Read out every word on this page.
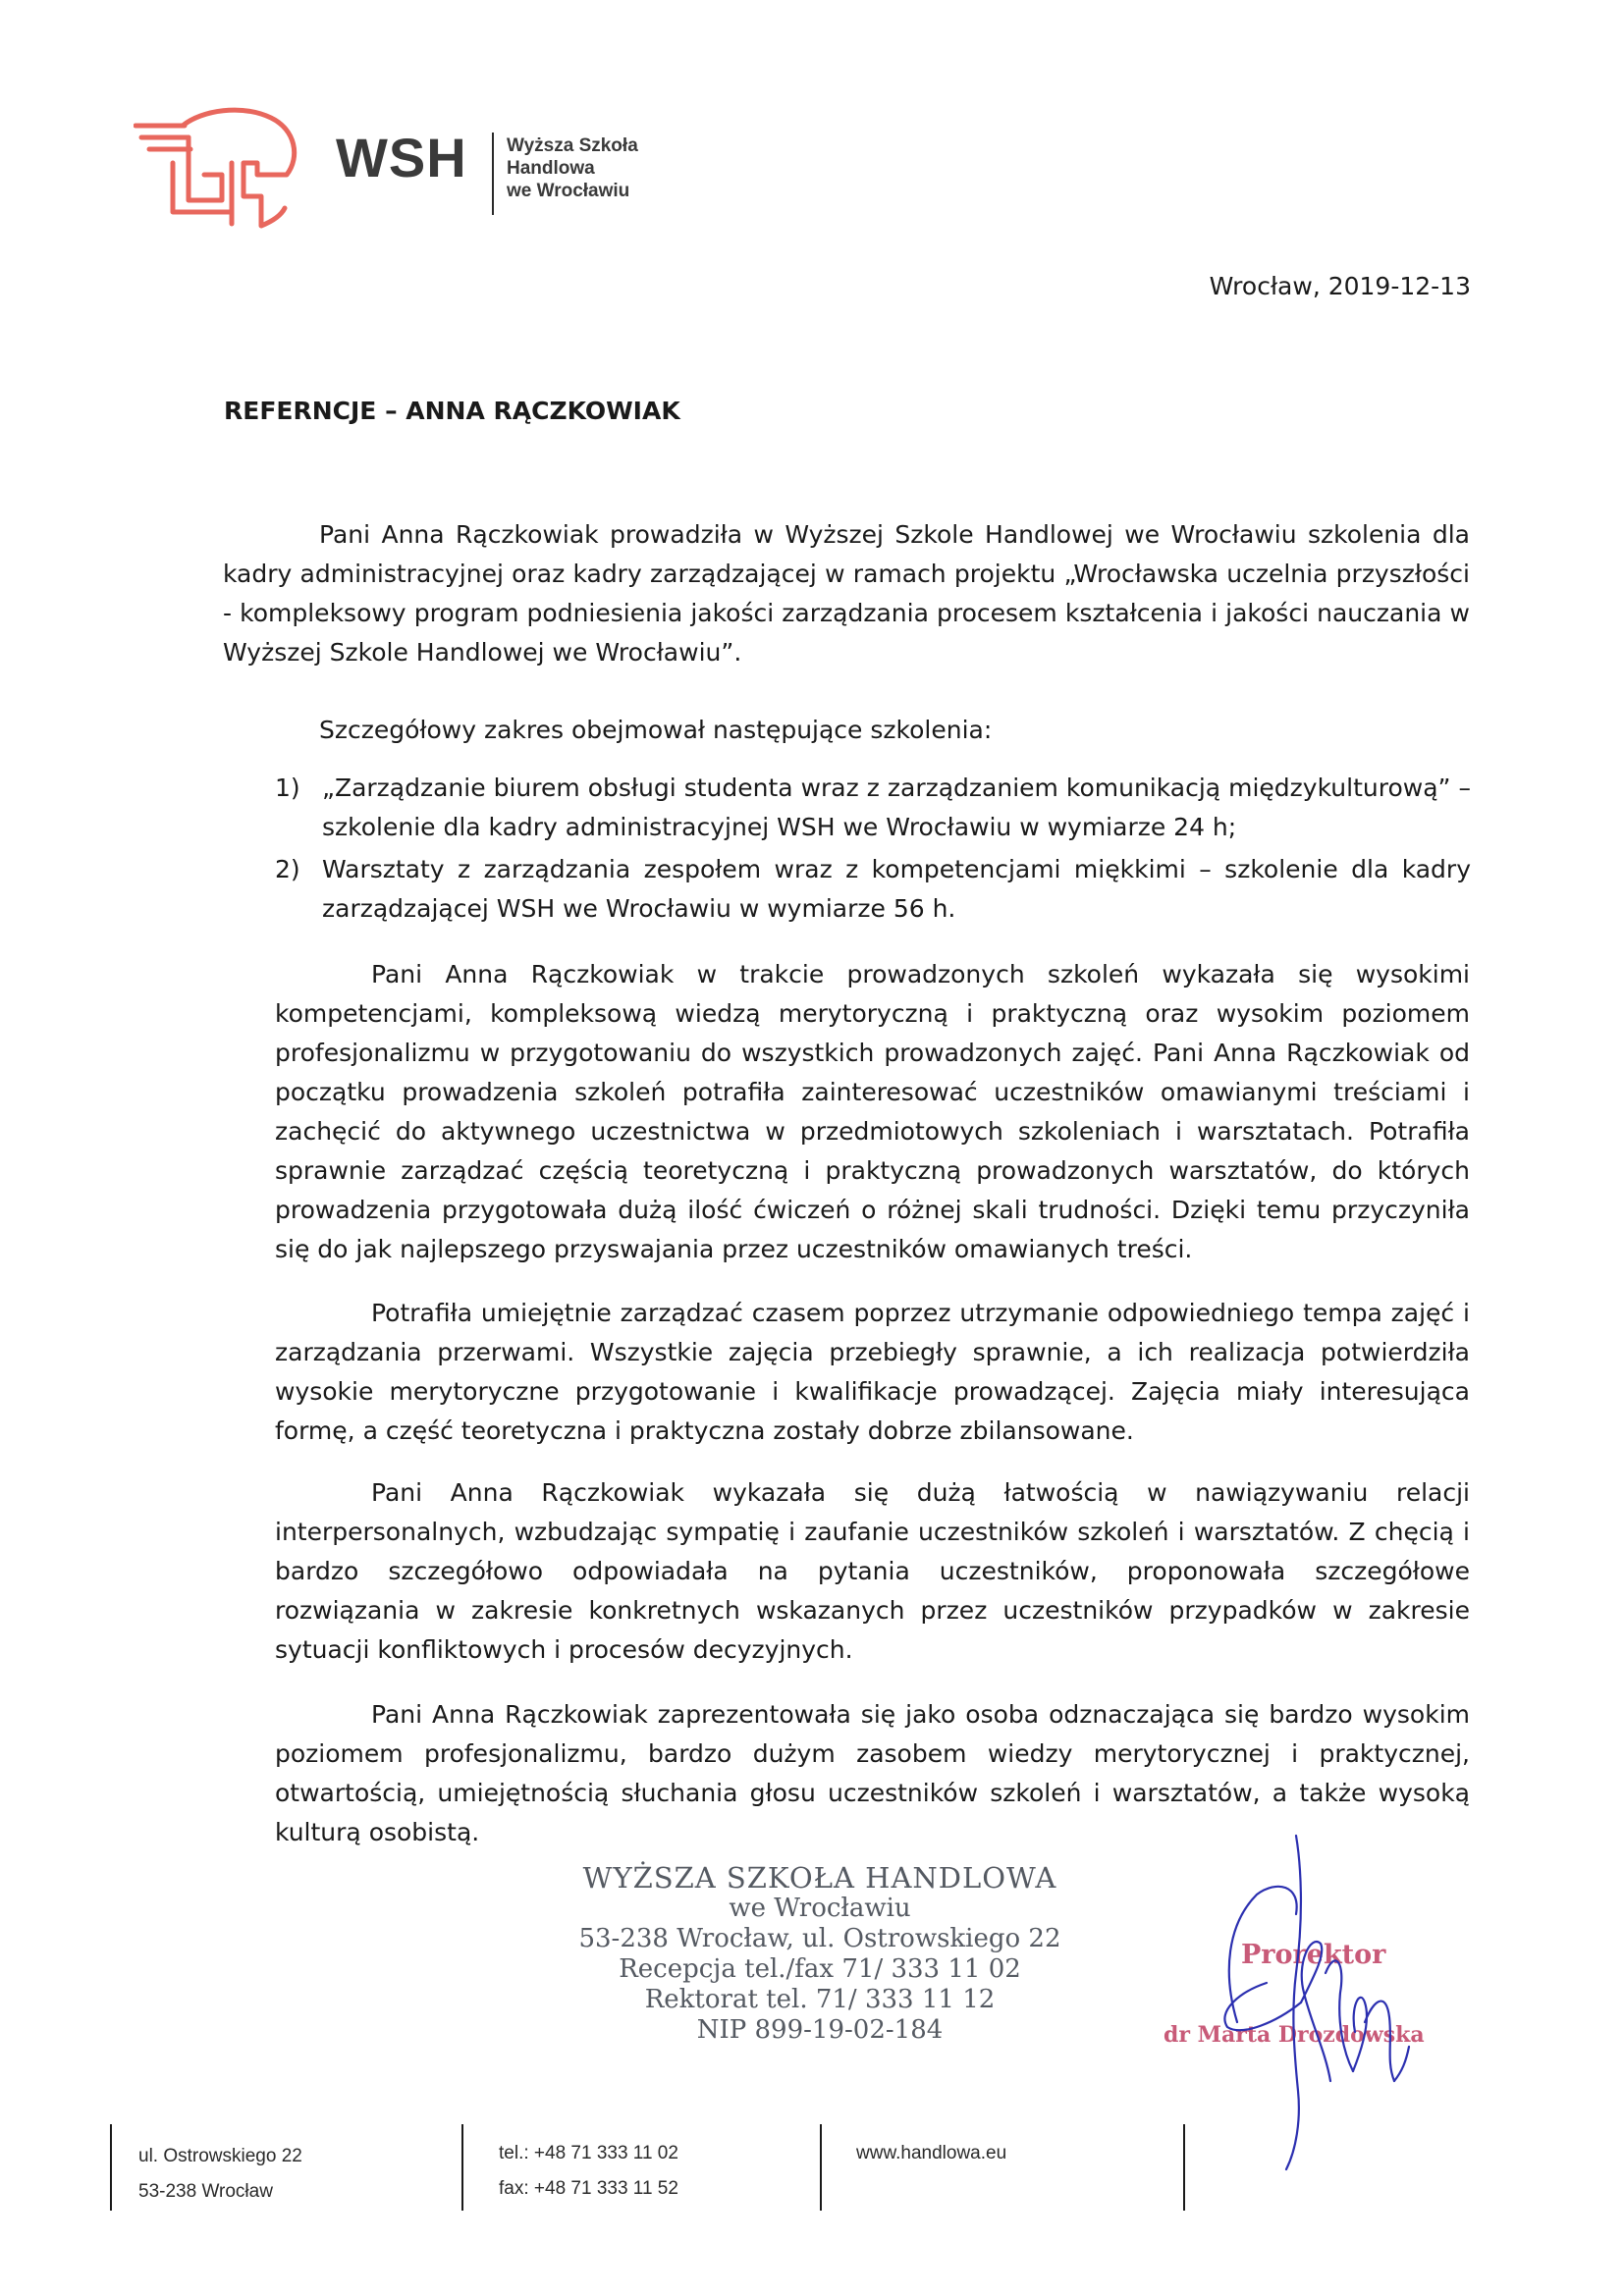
WSH Wyższa Szkoła
Handlowa
we Wrocławiu
Wrocław, 2019-12-13
REFERNCJE – ANNA RĄCZKOWIAK

Pani Anna Rączkowiak prowadziła w Wyższej Szkole Handlowej we Wrocławiu szkolenia dla kadry administracyjnej oraz kadry zarządzającej w ramach projektu „Wrocławska uczelnia przyszłości - kompleksowy program podniesienia jakości zarządzania procesem kształcenia i jakości nauczania w Wyższej Szkole Handlowej we Wrocławiu”.

Szczegółowy zakres obejmował następujące szkolenia:

1) „Zarządzanie biurem obsługi studenta wraz z zarządzaniem komunikacją międzykulturową” – szkolenie dla kadry administracyjnej WSH we Wrocławiu w wymiarze 24 h;
2) Warsztaty z zarządzania zespołem wraz z kompetencjami miękkimi – szkolenie dla kadry zarządzającej WSH we Wrocławiu w wymiarze 56 h.

Pani Anna Rączkowiak w trakcie prowadzonych szkoleń wykazała się wysokimi kompetencjami, kompleksową wiedzą merytoryczną i praktyczną oraz wysokim poziomem profesjonalizmu w przygotowaniu do wszystkich prowadzonych zajęć. Pani Anna Rączkowiak od początku prowadzenia szkoleń potrafiła zainteresować uczestników omawianymi treściami i zachęcić do aktywnego uczestnictwa w przedmiotowych szkoleniach i warsztatach. Potrafiła sprawnie zarządzać częścią teoretyczną i praktyczną prowadzonych warsztatów, do których prowadzenia przygotowała dużą ilość ćwiczeń o różnej skali trudności. Dzięki temu przyczyniła się do jak najlepszego przyswajania przez uczestników omawianych treści.

Potrafiła umiejętnie zarządzać czasem poprzez utrzymanie odpowiedniego tempa zajęć i zarządzania przerwami. Wszystkie zajęcia przebiegły sprawnie, a ich realizacja potwierdziła wysokie merytoryczne przygotowanie i kwalifikacje prowadzącej. Zajęcia miały interesująca formę, a część teoretyczna i praktyczna zostały dobrze zbilansowane.

Pani Anna Rączkowiak wykazała się dużą łatwością w nawiązywaniu relacji interpersonalnych, wzbudzając sympatię i zaufanie uczestników szkoleń i warsztatów. Z chęcią i bardzo szczegółowo odpowiadała na pytania uczestników, proponowała szczegółowe rozwiązania w zakresie konkretnych wskazanych przez uczestników przypadków w zakresie sytuacji konfliktowych i procesów decyzyjnych.

Pani Anna Rączkowiak zaprezentowała się jako osoba odznaczająca się bardzo wysokim poziomem profesjonalizmu, bardzo dużym zasobem wiedzy merytorycznej i praktycznej, otwartością, umiejętnością słuchania głosu uczestników szkoleń i warsztatów, a także wysoką kulturą osobistą.

WYŻSZA SZKOŁA HANDLOWA
we Wrocławiu
53-238 Wrocław, ul. Ostrowskiego 22
Recepcja tel./fax 71/ 333 11 02
Rektorat tel. 71/ 333 11 12
NIP 899-19-02-184
Prorektor
dr Marta Drozdowska
ul. Ostrowskiego 22
53-238 Wrocław
tel.: +48 71 333 11 02
fax: +48 71 333 11 52
www.handlowa.eu
